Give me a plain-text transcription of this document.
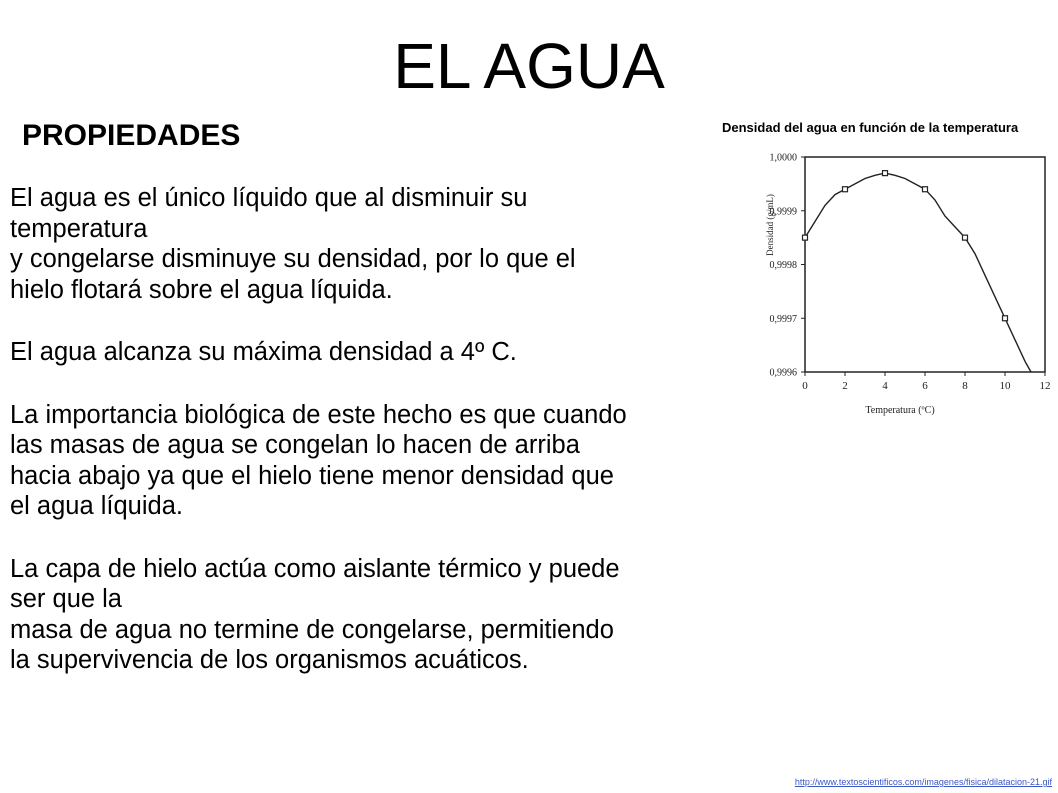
EL AGUA
PROPIEDADES

El agua es el único líquido que al disminuir su
temperatura
y congelarse disminuye su densidad, por lo que el
hielo flotará sobre el agua líquida.

El agua alcanza su máxima densidad a 4º C.

La importancia biológica de este hecho es que cuando
las masas de agua se congelan lo hacen de arriba
hacia abajo ya que el hielo tiene menor densidad que
el agua líquida.

La capa de hielo actúa como aislante térmico y puede
ser que la
masa de agua no termine de congelarse, permitiendo
la supervivencia de los organismos acuáticos.

Densidad del agua en función de la temperatura
0,9996
0,9997
0,9998
0,9999
1,0000
0	2	4	6	8	10	12
Densidad (g/mL)
Temperatura (ºC)
http://www.textoscientificos.com/imagenes/fisica/dilatacion-21.gif
